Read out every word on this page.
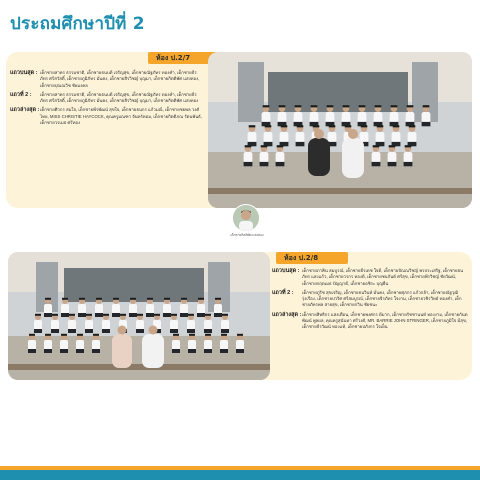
ประถมศึกษาปีที่ 2
ห้อง ป.2/7
แถวบนสุด : เด็กชายสาคร ธรรมชาติ, เด็กชายธนบดี เจริญสุข, เด็กชายณัฐภัทร ทองคำ, เด็กชายธีรภัทร ศรีสวัสดิ์, เด็กชายภูมิภัทร มั่นคง, เด็กชายสิรวิชญ์ บุญมา, เด็กชายกิตติพัศ แสงทอง, เด็กชายปุณณวิช ชัยมงคล
แถวที่ 2 :	เด็กชายสาคร ธรรมชาติ, เด็กชายธนบดี เจริญสุข, เด็กชายณัฐภัทร ทองคำ, เด็กชายธีรภัทร ศรีสวัสดิ์, เด็กชายภูมิภัทร มั่นคง, เด็กชายสิรวิชญ์ บุญมา, เด็กชายกิตติพัศ แสงทอง
แถวล่างสุด : เด็กชายศิวกร สมใจ, เด็กชายพีรพัฒน์ สุขใจ, เด็กชายธนกร แก้วมณี, เด็กชายชยพล วงศ์ไทย, MISS CHRISTIE HAYCOCK, คุณครูมณฑา จันทร์หอม, เด็กชายกิตติภณ รัตนพันธ์, เด็กชายวรเมธ ศรีทอง
เด็กชายกิตติพัศ แสงทอง
ห้อง ป.2/8
แถวบนสุด : เด็กชายภาคิน สมบูรณ์, เด็กชายธีรเดช ใจดี, เด็กชายปัณณวิชญ์ พรประเสริฐ, เด็กชายธนภัทร แสงแก้ว, เด็กชายวรกร ทองดี, เด็กชายชนกันต์ ศรีสุข, เด็กชายพีรวิชญ์ ชัยวัฒน์, เด็กชายกฤตเมธ ปัญญาดี, เด็กชายอชิระ บุญยืน
แถวที่ 2 :	เด็กชายภูริช สุขเจริญ, เด็กชายธนวินท์ มั่นคง, เด็กชายศุภกร แก้วกล้า, เด็กชายณัฐวุฒิ รุ่งเรือง, เด็กชายปวริศ ศรีสมบูรณ์, เด็กชายจิรภัทร ใจงาม, เด็กชายวชิรวิทย์ ทองคำ, เด็กชายภัทรพล สายสุข, เด็กชายกวิน ชัยชนะ
แถวล่างสุด : เด็กชายสิทธิกร แสงเดือน, เด็กชายพงศกร ดีมาก, เด็กชายรัชชานนท์ ทองงาม, เด็กชายกันตพัฒน์ พูลผล, คุณครูสุนันทา ศรีวงศ์, MR. BARRIE JOHN STRINGER, เด็กชายภูมิใจ มีสุข, เด็กชายธีรวัฒน์ ทองแท้, เด็กชายปภังกร ใจเย็น
